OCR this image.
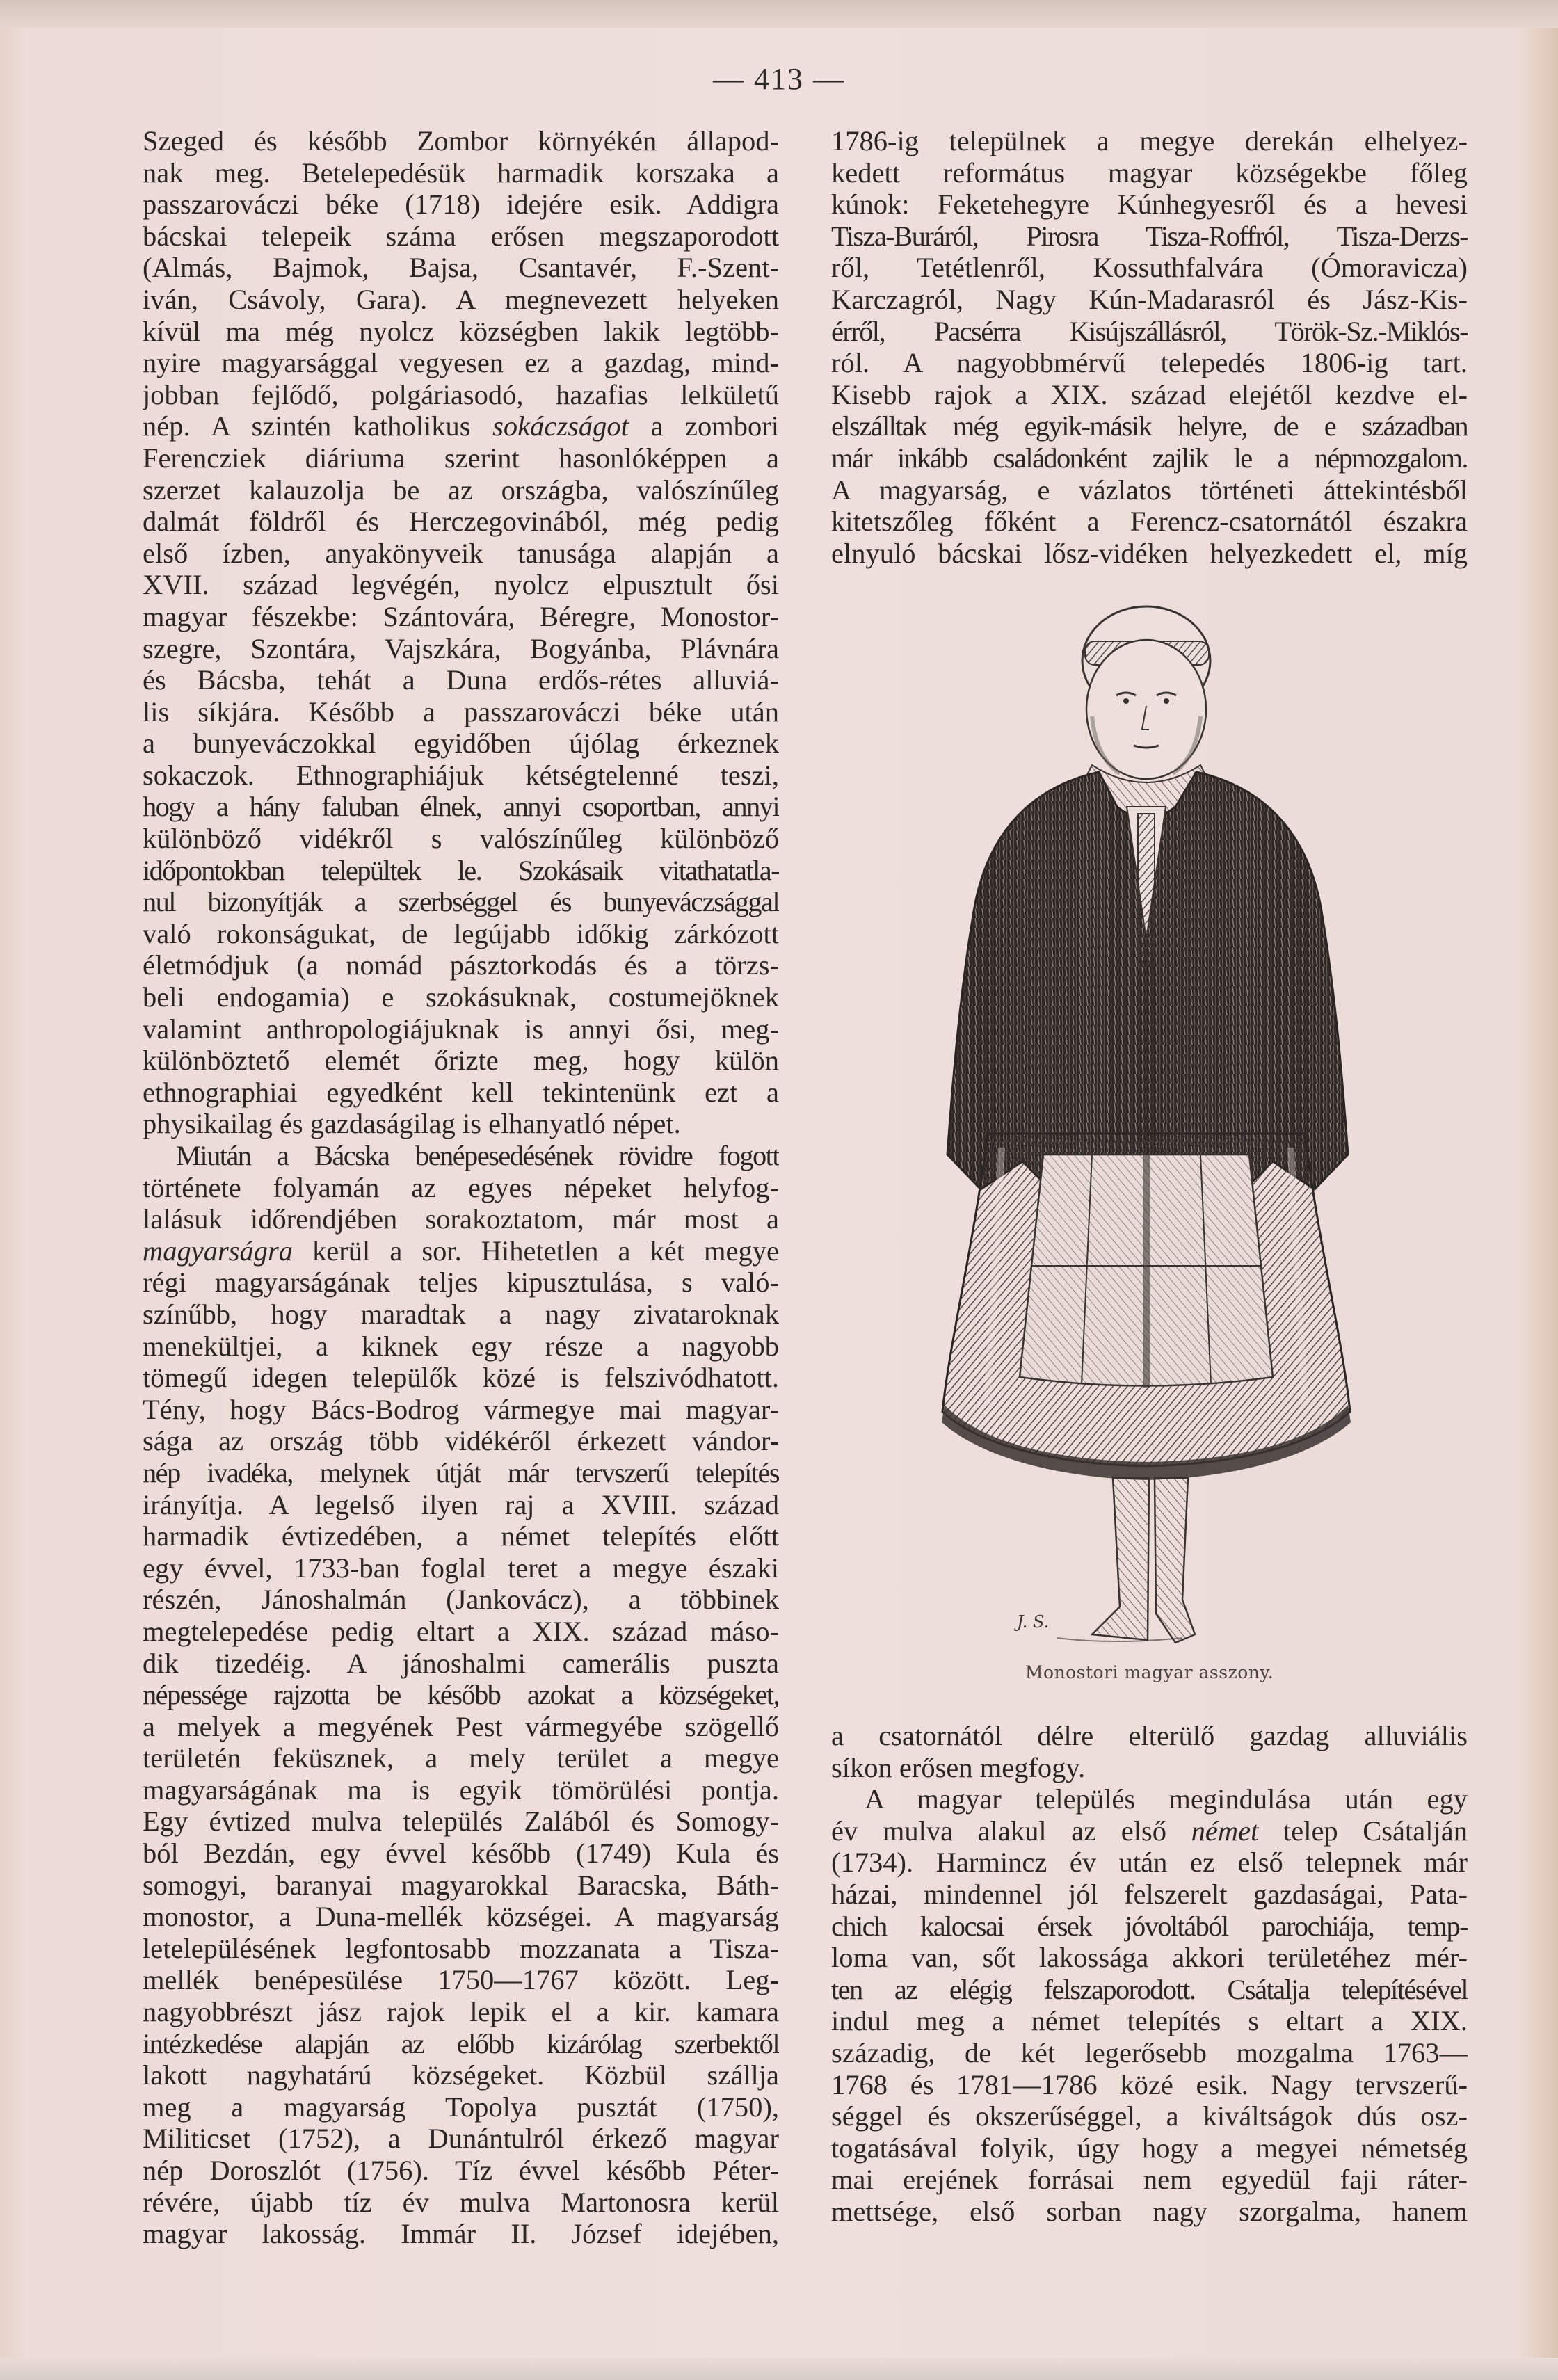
— 413 —
Szeged és később Zombor környékén állapod-
nak meg. Betelepedésük harmadik korszaka a
passzarováczi béke (1718) idejére esik. Addigra
bácskai telepeik száma erősen megszaporodott
(Almás, Bajmok, Bajsa, Csantavér, F.-Szent-
iván, Csávoly, Gara). A megnevezett helyeken
kívül ma még nyolcz községben lakik legtöbb-
nyire magyarsággal vegyesen ez a gazdag, mind-
jobban fejlődő, polgáriasodó, hazafias lelkületű
nép. A szintén katholikus sokáczságot a zombori
Ferencziek diáriuma szerint hasonlóképpen a
szerzet kalauzolja be az országba, valószínűleg
dalmát földről és Herczegovinából, még pedig
első ízben, anyakönyveik tanusága alapján a
XVII. század legvégén, nyolcz elpusztult ősi
magyar fészekbe: Szántovára, Béregre, Monostor-
szegre, Szontára, Vajszkára, Bogyánba, Plávnára
és Bácsba, tehát a Duna erdős-rétes alluviá-
lis síkjára. Később a passzarováczi béke után
a bunyeváczokkal egyidőben újólag érkeznek
sokaczok. Ethnographiájuk kétségtelenné teszi,
hogy a hány faluban élnek, annyi csoportban, annyi
különböző vidékről s valószínűleg különböző
időpontokban települtek le. Szokásaik vitathatatla-
nul bizonyítják a szerbséggel és bunyeváczsággal
való rokonságukat, de legújabb időkig zárkózott
életmódjuk (a nomád pásztorkodás és a törzs-
beli endogamia) e szokásuknak, costumejöknek
valamint anthropologiájuknak is annyi ősi, meg-
különböztető elemét őrizte meg, hogy külön
ethnographiai egyedként kell tekintenünk ezt a
physikailag és gazdaságilag is elhanyatló népet.
Miután a Bácska benépesedésének rövidre fogott
története folyamán az egyes népeket helyfog-
lalásuk időrendjében sorakoztatom, már most a
magyarságra kerül a sor. Hihetetlen a két megye
régi magyarságának teljes kipusztulása, s való-
színűbb, hogy maradtak a nagy zivataroknak
menekültjei, a kiknek egy része a nagyobb
tömegű idegen települők közé is felszivódhatott.
Tény, hogy Bács-Bodrog vármegye mai magyar-
sága az ország több vidékéről érkezett vándor-
nép ivadéka, melynek útját már tervszerű telepítés
irányítja. A legelső ilyen raj a XVIII. század
harmadik évtizedében, a német telepítés előtt
egy évvel, 1733-ban foglal teret a megye északi
részén, Jánoshalmán (Jankovácz), a többinek
megtelepedése pedig eltart a XIX. század máso-
dik tizedéig. A jánoshalmi camerális puszta
népessége rajzotta be később azokat a községeket,
a melyek a megyének Pest vármegyébe szögellő
területén feküsznek, a mely terület a megye
magyarságának ma is egyik tömörülési pontja.
Egy évtized mulva település Zalából és Somogy-
ból Bezdán, egy évvel később (1749) Kula és
somogyi, baranyai magyarokkal Baracska, Báth-
monostor, a Duna-mellék községei. A magyarság
letelepülésének legfontosabb mozzanata a Tisza-
mellék benépesülése 1750—1767 között. Leg-
nagyobbrészt jász rajok lepik el a kir. kamara
intézkedése alapján az előbb kizárólag szerbektől
lakott nagyhatárú községeket. Közbül szállja
meg a magyarság Topolya pusztát (1750),
Militicset (1752), a Dunántulról érkező magyar
nép Doroszlót (1756). Tíz évvel később Péter-
révére, újabb tíz év mulva Martonosra kerül
magyar lakosság. Immár II. József idejében,
1786-ig települnek a megye derekán elhelyez-
kedett református magyar községekbe főleg
kúnok: Feketehegyre Kúnhegyesről és a hevesi
Tisza-Buráról, Pirosra Tisza-Roffról, Tisza-Derzs-
ről, Tetétlenről, Kossuthfalvára (Ómoravicza)
Karczagról, Nagy Kún-Madarasról és Jász-Kis-
érről, Pacsérra Kisújszállásról, Török-Sz.-Miklós-
ról. A nagyobbmérvű telepedés 1806-ig tart.
Kisebb rajok a XIX. század elejétől kezdve el-
elszálltak még egyik-másik helyre, de e században
már inkább családonként zajlik le a népmozgalom.
A magyarság, e vázlatos történeti áttekintésből
kitetszőleg főként a Ferencz-csatornától északra
elnyuló bácskai lősz-vidéken helyezkedett el, míg
J. S.
Monostori magyar asszony.
a csatornától délre elterülő gazdag alluviális
síkon erősen megfogy.
A magyar település megindulása után egy
év mulva alakul az első német telep Csátalján
(1734). Harmincz év után ez első telepnek már
házai, mindennel jól felszerelt gazdaságai, Pata-
chich kalocsai érsek jóvoltából parochiája, temp-
loma van, sőt lakossága akkori területéhez mér-
ten az elégig felszaporodott. Csátalja telepítésével
indul meg a német telepítés s eltart a XIX.
századig, de két legerősebb mozgalma 1763—
1768 és 1781—1786 közé esik. Nagy tervszerű-
séggel és okszerűséggel, a kiváltságok dús osz-
togatásával folyik, úgy hogy a megyei németség
mai erejének forrásai nem egyedül faji ráter-
mettsége, első sorban nagy szorgalma, hanem
